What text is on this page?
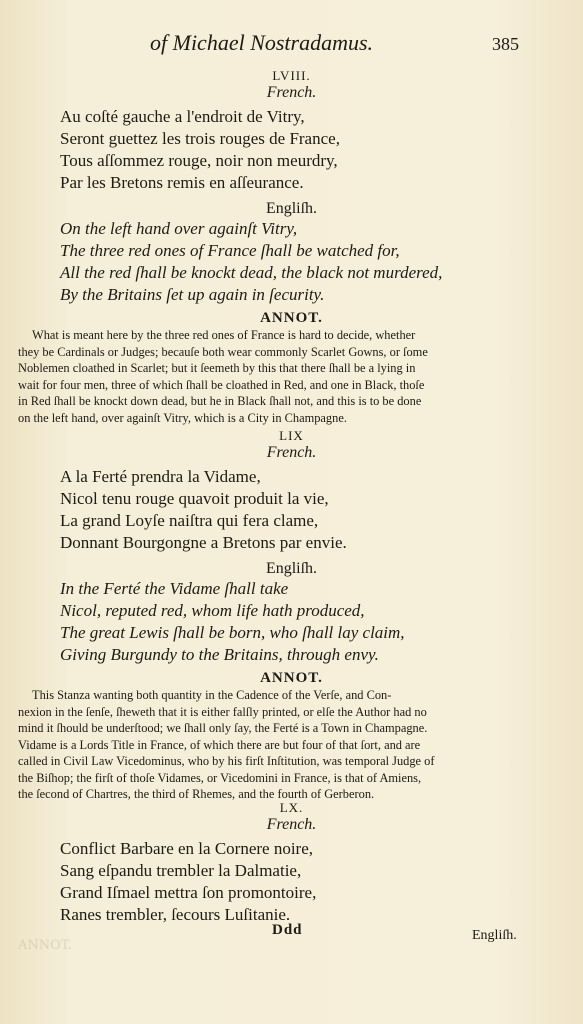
ANNOT.
of Michael Nostradamus.	385
LVIII.
French.
Au coſté gauche a l'endroit de Vitry,
Seront guettez les trois rouges de France,
Tous aſſommez rouge, noir non meurdry,
Par les Bretons remis en aſſeurance.
Engliſh.
On the left hand over againſt Vitry,
The three red ones of France ſhall be watched for,
All the red ſhall be knockt dead, the black not murdered,
By the Britains ſet up again in ſecurity.
ANNOT.
What is meant here by the three red ones of France is hard to decide, whether
they be Cardinals or Judges; becauſe both wear commonly Scarlet Gowns, or ſome
Noblemen cloathed in Scarlet; but it ſeemeth by this that there ſhall be a lying in
wait for four men, three of which ſhall be cloathed in Red, and one in Black, thoſe
in Red ſhall be knockt down dead, but he in Black ſhall not, and this is to be done
on the left hand, over againſt Vitry, which is a City in Champagne.
LIX
French.
A la Ferté prendra la Vidame,
Nicol tenu rouge quavoit produit la vie,
La grand Loyſe naiſtra qui fera clame,
Donnant Bourgongne a Bretons par envie.
Engliſh.
In the Ferté the Vidame ſhall take
Nicol, reputed red, whom life hath produced,
The great Lewis ſhall be born, who ſhall lay claim,
Giving Burgundy to the Britains, through envy.
ANNOT.
This Stanza wanting both quantity in the Cadence of the Verſe, and Con-
nexion in the ſenſe, ſheweth that it is either falſly printed, or elſe the Author had no
mind it ſhould be underſtood; we ſhall only ſay, the Ferté is a Town in Champagne.
Vidame is a Lords Title in France, of which there are but four of that ſort, and are
called in Civil Law Vicedominus, who by his firſt Inſtitution, was temporal Judge of
the Biſhop; the firſt of thoſe Vidames, or Vicedomini in France, is that of Amiens,
the ſecond of Chartres, the third of Rhemes, and the fourth of Gerberon.
LX.
French.
Conflict Barbare en la Cornere noire,
Sang eſpandu trembler la Dalmatie,
Grand Iſmael mettra ſon promontoire,
Ranes trembler, ſecours Luſitanie.
Ddd	Engliſh.
